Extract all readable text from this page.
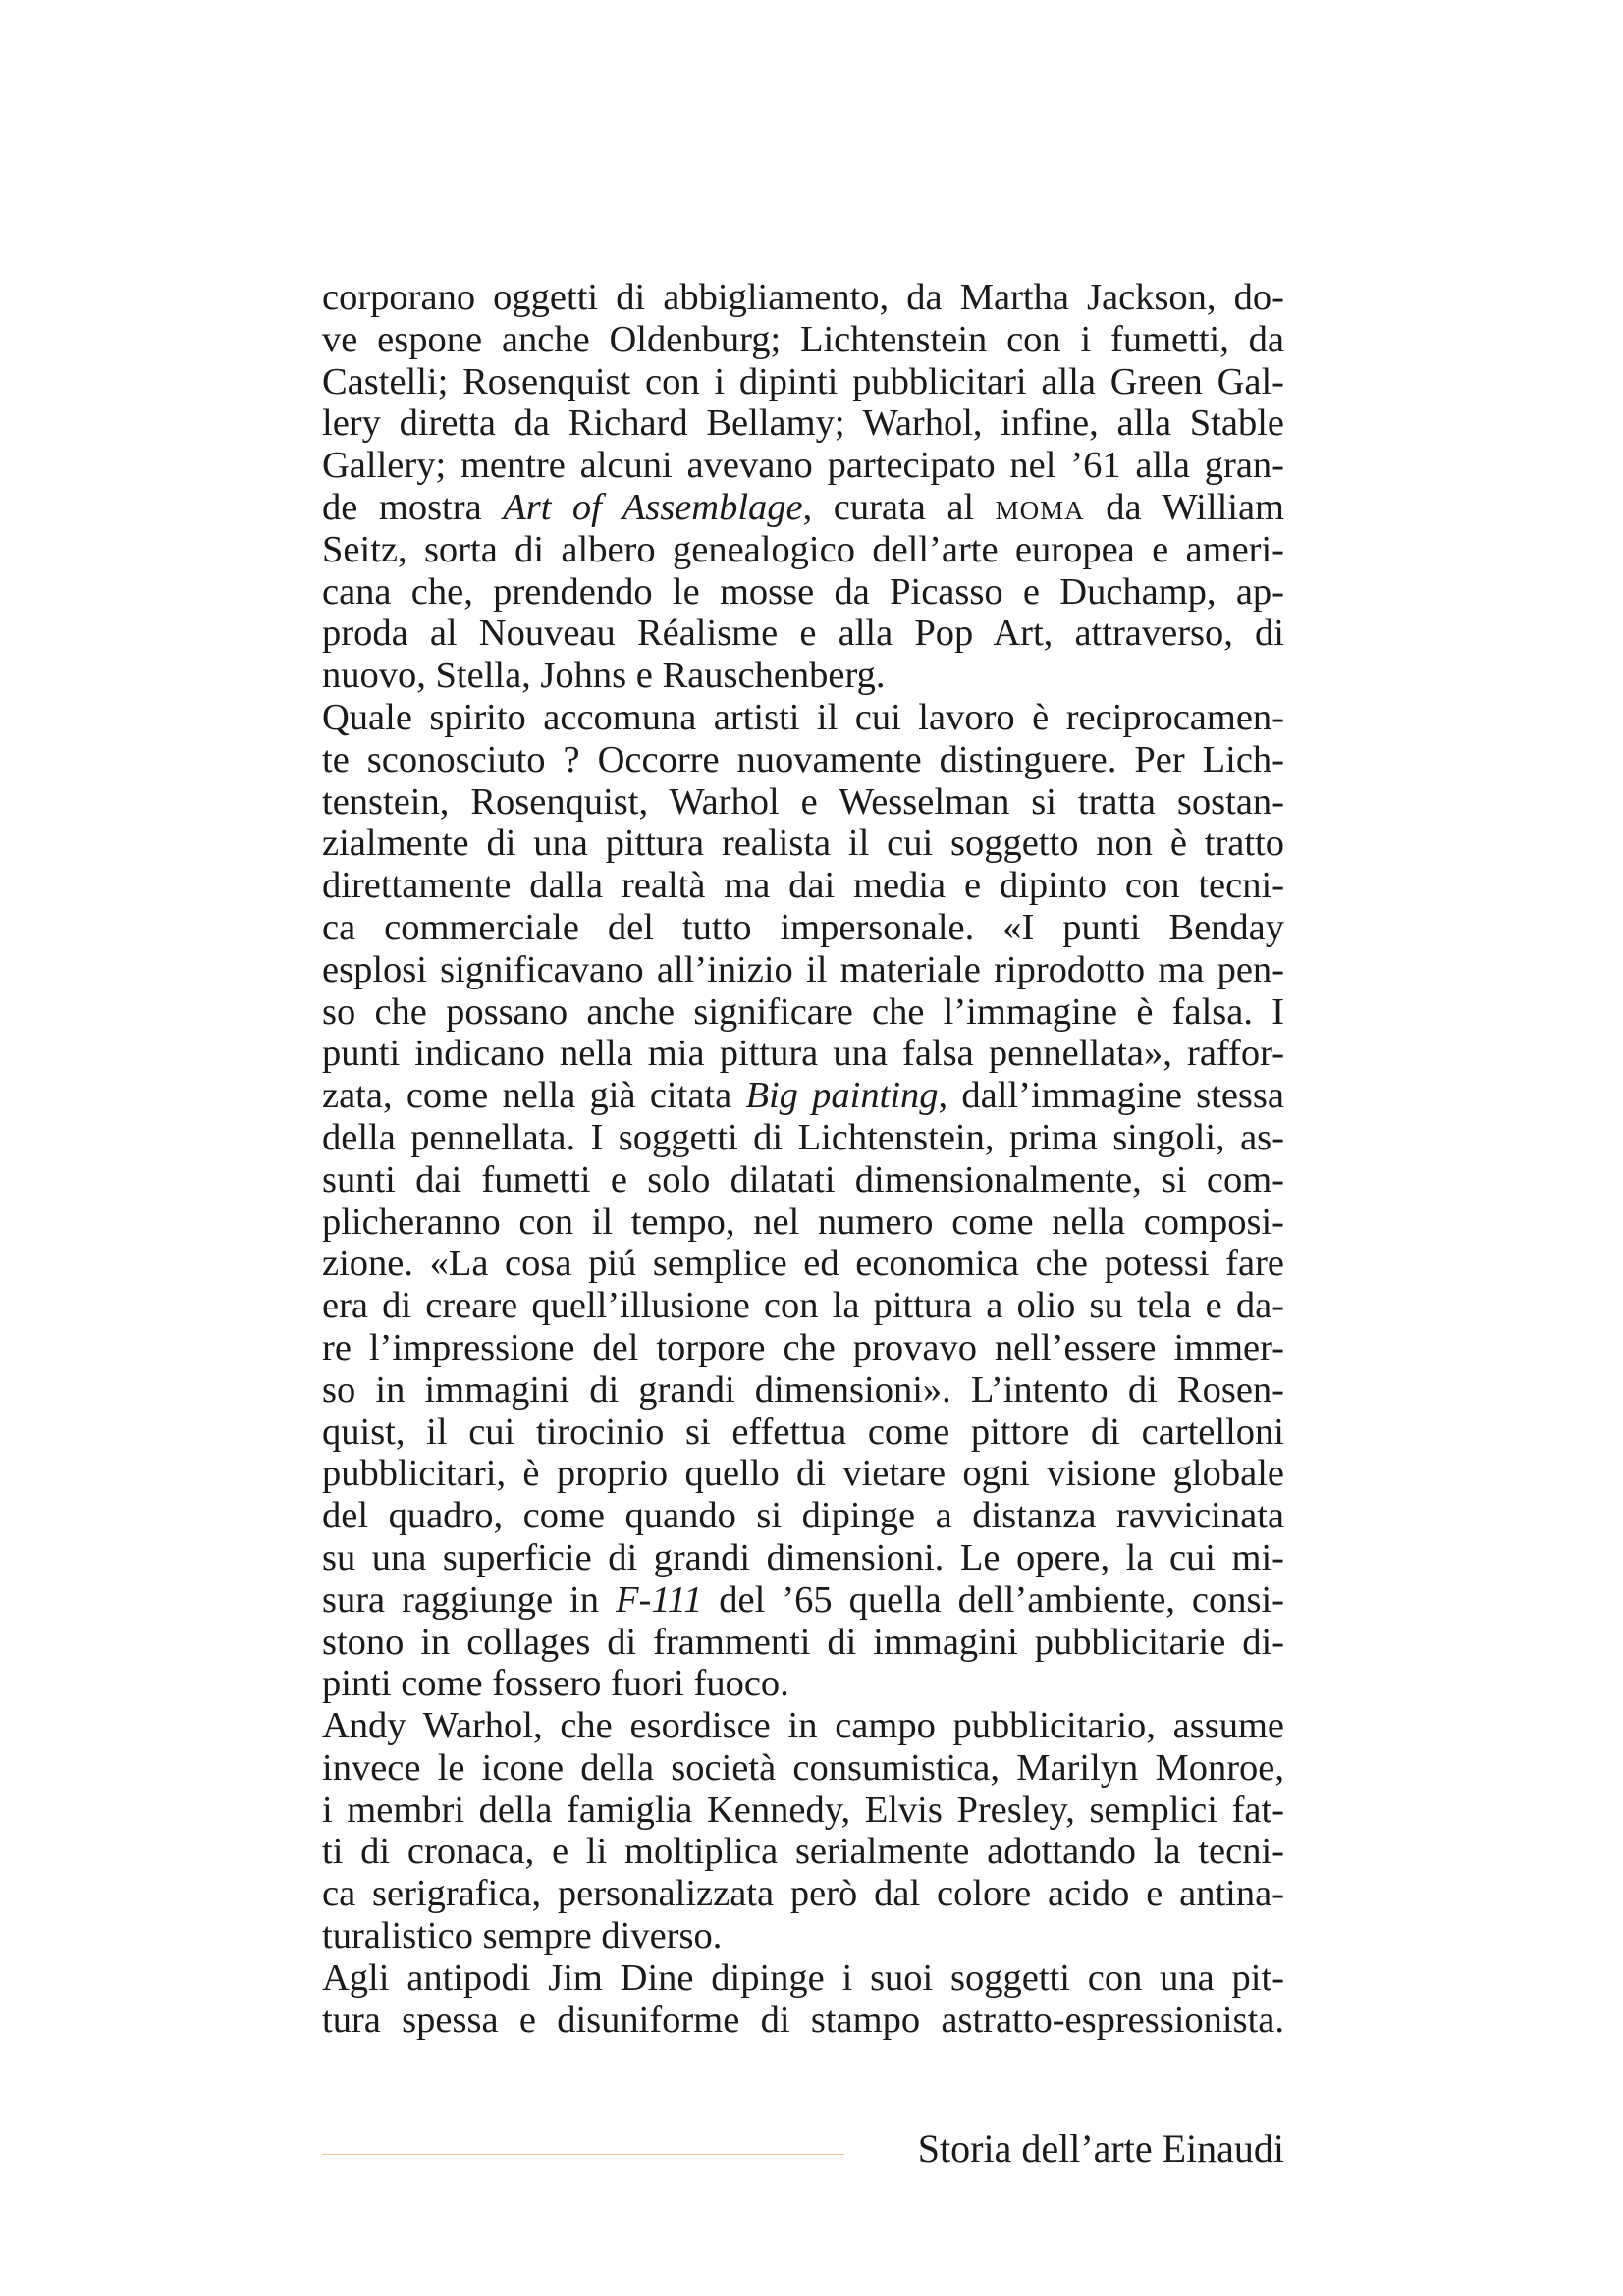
corporano oggetti di abbigliamento, da Martha Jackson, do-
ve espone anche Oldenburg; Lichtenstein con i fumetti, da
Castelli; Rosenquist con i dipinti pubblicitari alla Green Gal-
lery diretta da Richard Bellamy; Warhol, infine, alla Stable
Gallery; mentre alcuni avevano partecipato nel ’61 alla gran-
de mostra Art of Assemblage, curata al moma da William
Seitz, sorta di albero genealogico dell’arte europea e ameri-
cana che, prendendo le mosse da Picasso e Duchamp, ap-
proda al Nouveau Réalisme e alla Pop Art, attraverso, di
nuovo, Stella, Johns e Rauschenberg.
Quale spirito accomuna artisti il cui lavoro è reciprocamen-
te sconosciuto ? Occorre nuovamente distinguere. Per Lich-
tenstein, Rosenquist, Warhol e Wesselman si tratta sostan-
zialmente di una pittura realista il cui soggetto non è tratto
direttamente dalla realtà ma dai media e dipinto con tecni-
ca commerciale del tutto impersonale. «I punti Benday
esplosi significavano all’inizio il materiale riprodotto ma pen-
so che possano anche significare che l’immagine è falsa. I
punti indicano nella mia pittura una falsa pennellata», raffor-
zata, come nella già citata Big painting, dall’immagine stessa
della pennellata. I soggetti di Lichtenstein, prima singoli, as-
sunti dai fumetti e solo dilatati dimensionalmente, si com-
plicheranno con il tempo, nel numero come nella composi-
zione. «La cosa piú semplice ed economica che potessi fare
era di creare quell’illusione con la pittura a olio su tela e da-
re l’impressione del torpore che provavo nell’essere immer-
so in immagini di grandi dimensioni». L’intento di Rosen-
quist, il cui tirocinio si effettua come pittore di cartelloni
pubblicitari, è proprio quello di vietare ogni visione globale
del quadro, come quando si dipinge a distanza ravvicinata
su una superficie di grandi dimensioni. Le opere, la cui mi-
sura raggiunge in F-111 del ’65 quella dell’ambiente, consi-
stono in collages di frammenti di immagini pubblicitarie di-
pinti come fossero fuori fuoco.
Andy Warhol, che esordisce in campo pubblicitario, assume
invece le icone della società consumistica, Marilyn Monroe,
i membri della famiglia Kennedy, Elvis Presley, semplici fat-
ti di cronaca, e li moltiplica serialmente adottando la tecni-
ca serigrafica, personalizzata però dal colore acido e antina-
turalistico sempre diverso.
Agli antipodi Jim Dine dipinge i suoi soggetti con una pit-
tura spessa e disuniforme di stampo astratto-espressionista.
Storia dell’arte Einaudi
